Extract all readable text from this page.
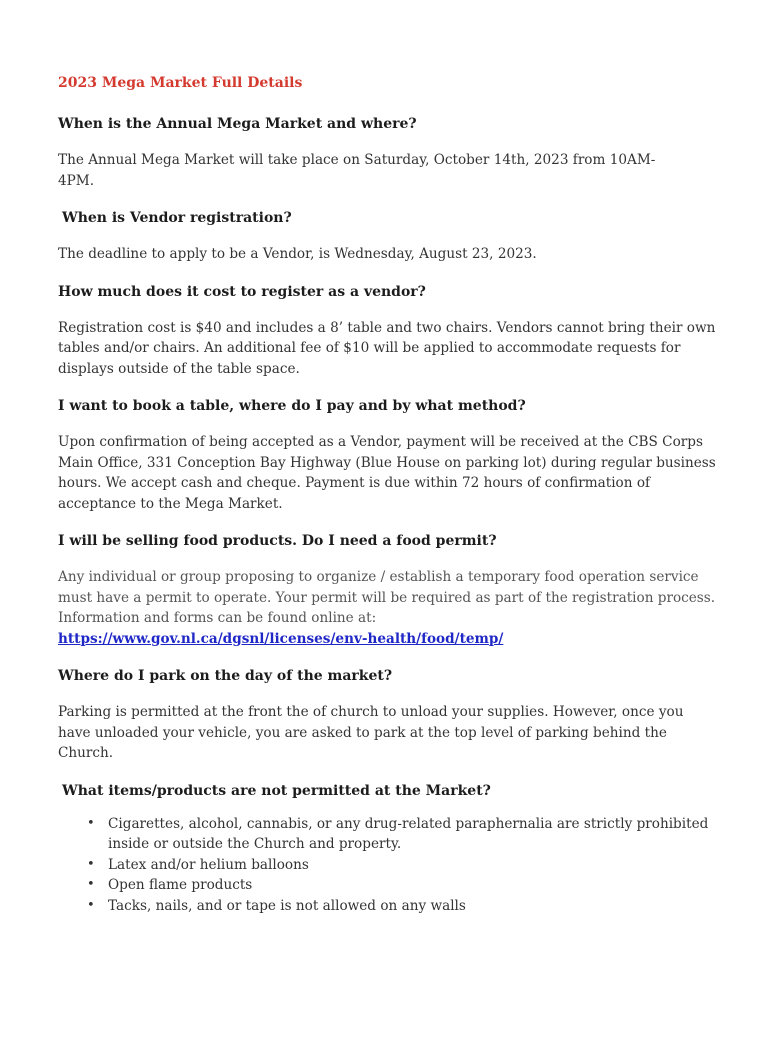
2023 Mega Market Full Details
When is the Annual Mega Market and where?
The Annual Mega Market will take place on Saturday, October 14th, 2023 from 10AM-4PM.
When is Vendor registration?
The deadline to apply to be a Vendor, is Wednesday, August 23, 2023.
How much does it cost to register as a vendor?
Registration cost is $40 and includes a 8’ table and two chairs. Vendors cannot bring their own tables and/or chairs. An additional fee of $10 will be applied to accommodate requests for displays outside of the table space.
I want to book a table, where do I pay and by what method?
Upon confirmation of being accepted as a Vendor, payment will be received at the CBS Corps Main Office, 331 Conception Bay Highway (Blue House on parking lot) during regular business hours. We accept cash and cheque. Payment is due within 72 hours of confirmation of acceptance to the Mega Market.
I will be selling food products. Do I need a food permit?
Any individual or group proposing to organize / establish a temporary food operation service must have a permit to operate. Your permit will be required as part of the registration process. Information and forms can be found online at:
https://www.gov.nl.ca/dgsnl/licenses/env-health/food/temp/
Where do I park on the day of the market?
Parking is permitted at the front the of church to unload your supplies. However, once you have unloaded your vehicle, you are asked to park at the top level of parking behind the Church.
What items/products are not permitted at the Market?
• Cigarettes, alcohol, cannabis, or any drug-related paraphernalia are strictly prohibited inside or outside the Church and property.
• Latex and/or helium balloons
• Open flame products
• Tacks, nails, and or tape is not allowed on any walls
